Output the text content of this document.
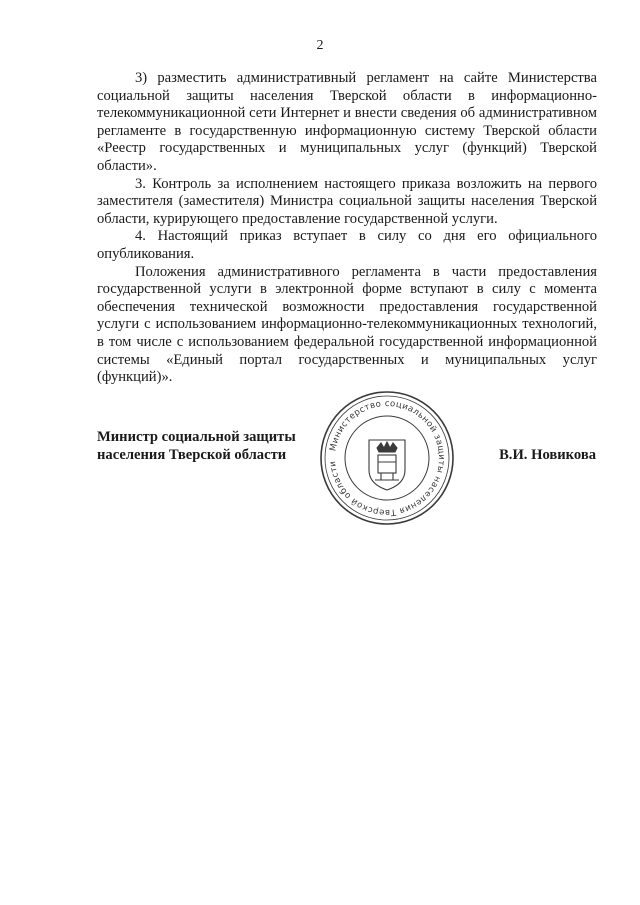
2

3) разместить административный регламент на сайте Министерства социальной защиты населения Тверской области в информационно-телекоммуникационной сети Интернет и внести сведения об административном регламенте в государственную информационную систему Тверской области «Реестр государственных и муниципальных услуг (функций) Тверской области».

3. Контроль за исполнением настоящего приказа возложить на первого заместителя (заместителя) Министра социальной защиты населения Тверской области, курирующего предоставление государственной услуги.

4. Настоящий приказ вступает в силу со дня его официального опубликования.

Положения административного регламента в части предоставления государственной услуги в электронной форме вступают в силу с момента обеспечения технической возможности предоставления государственной услуги с использованием информационно-телекоммуникационных технологий, в том числе с использованием федеральной государственной информационной системы «Единый портал государственных и муниципальных услуг (функций)».

Министр социальной защиты
населения Тверской области	Министерство социальной защиты населения Тверской области
В.И. Новикова
